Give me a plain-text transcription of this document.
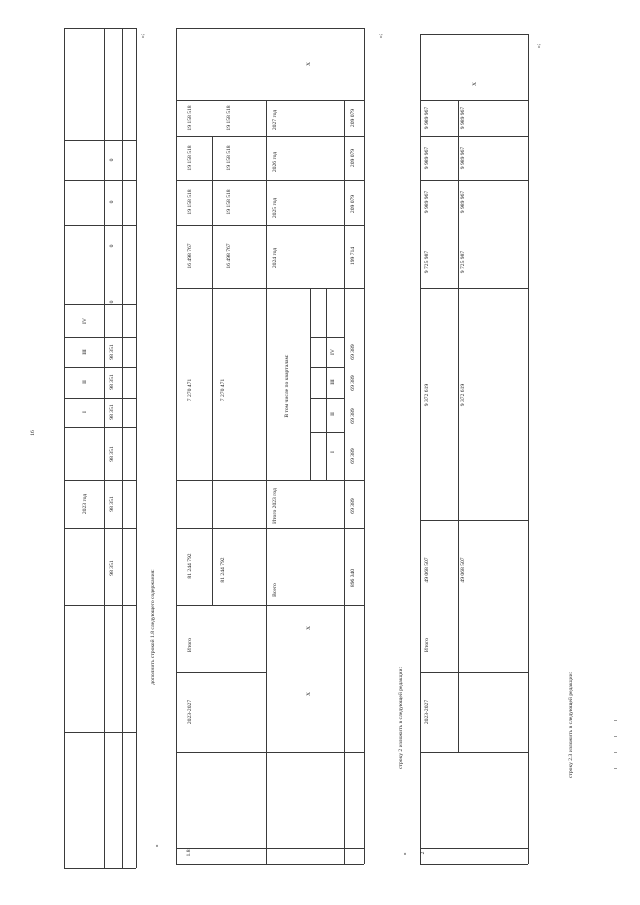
16
2023 год
I
II
III
IV
98 351
98 351
98 351
98 351
98 351
98 351
0
0
0
0
»;
дополнить строкой 1.8 следующего содержания:
1.8
2023-2027
Итого
81 244 792
7 270 471
16 498 767
19 158 518
19 158 518
19 158 518
81 244 792
7 270 471
16 498 767
19 158 518
19 158 518
19 158 518
X
X
X
Всего
Итого 2023 год
В том числе по кварталам:
I
II
III
IV
2024 год
2025 год
2026 год
2027 год
896 340
69 389
69 389
69 389
69 389
69 389
199 714
209 079
209 079
209 079
»;
строку 2 изложить в следующей редакции:
2
2023-2027
Итого
49 068 507
9 372 619
9 725 987
9 989 967
9 989 967
9 989 967
49 068 507
9 372 619
9 725 987
9 989 967
9 989 967
9 989 967
X
»;
строку 2.3 изложить в следующей редакции:
«
«
